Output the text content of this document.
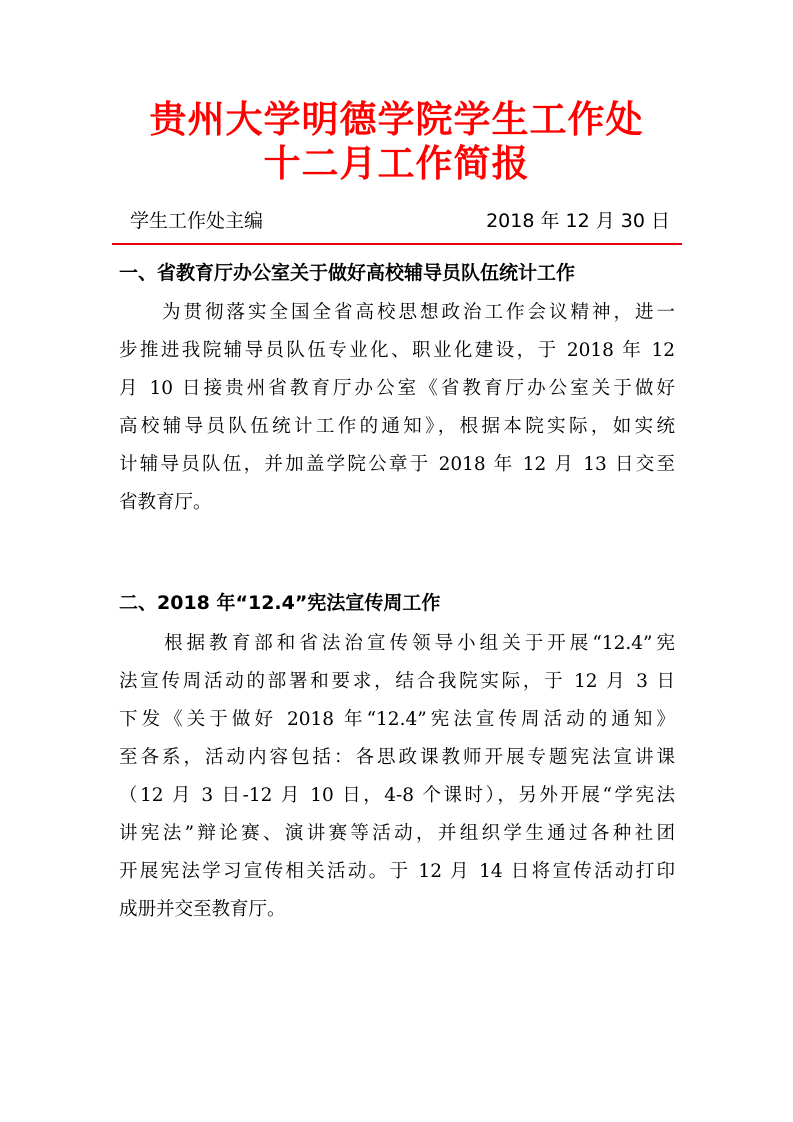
贵州大学明德学院学生工作处
十二月工作简报
学生工作处主编	2018 年 12 月 30 日
一、省教育厅办公室关于做好高校辅导员队伍统计工作
　　为贯彻落实全国全省高校思想政治工作会议精神，进一
步推进我院辅导员队伍专业化、职业化建设，于 2018 年 12
月 10 日接贵州省教育厅办公室《省教育厅办公室关于做好
高校辅导员队伍统计工作的通知》，根据本院实际，如实统
计辅导员队伍，并加盖学院公章于 2018 年 12 月 13 日交至
省教育厅。
二、2018 年“12.4”宪法宣传周工作
　　根据教育部和省法治宣传领导小组关于开展“12.4”宪
法宣传周活动的部署和要求，结合我院实际，于 12 月 3 日
下发《关于做好 2018 年“12.4”宪法宣传周活动的通知》
至各系，活动内容包括：各思政课教师开展专题宪法宣讲课
（12 月 3 日-12 月 10 日，4-8 个课时），另外开展“学宪法
讲宪法”辩论赛、演讲赛等活动，并组织学生通过各种社团
开展宪法学习宣传相关活动。于 12 月 14 日将宣传活动打印
成册并交至教育厅。
